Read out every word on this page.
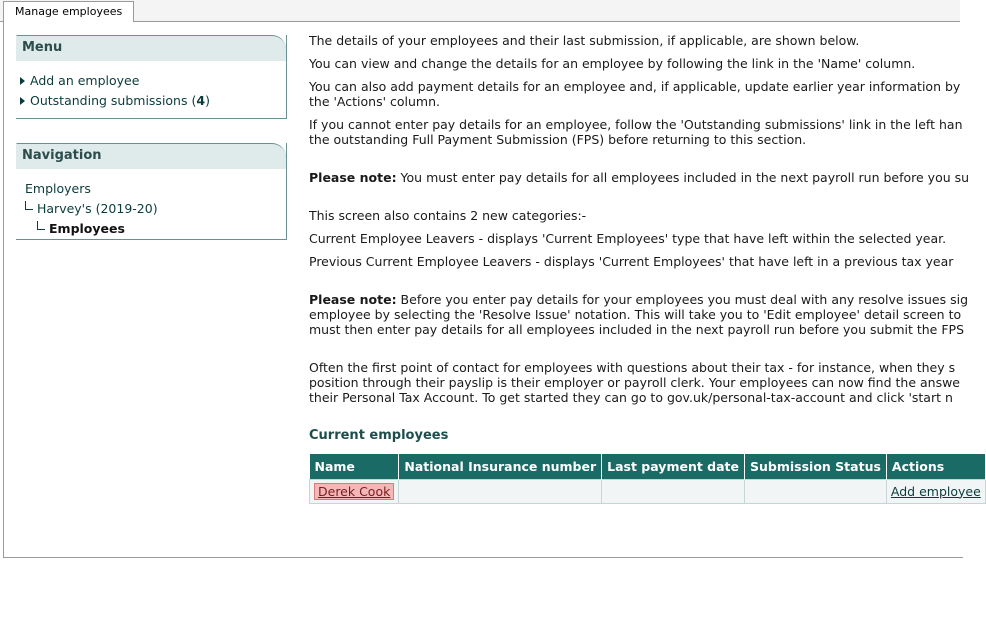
Manage employees
Menu
Add an employee
Outstanding submissions (4)
Navigation
Employers
Harvey's (2019-20)
Employees

The details of your employees and their last submission, if applicable, are shown below.

You can view and change the details for an employee by following the link in the 'Name' column.

You can also add payment details for an employee and, if applicable, update earlier year information by
the 'Actions' column.

If you cannot enter pay details for an employee, follow the 'Outstanding submissions' link in the left han
the outstanding Full Payment Submission (FPS) before returning to this section.

Please note: You must enter pay details for all employees included in the next payroll run before you su

This screen also contains 2 new categories:-

Current Employee Leavers - displays 'Current Employees' type that have left within the selected year.

Previous Current Employee Leavers - displays 'Current Employees' that have left in a previous tax year

Please note: Before you enter pay details for your employees you must deal with any resolve issues sig
employee by selecting the 'Resolve Issue' notation. This will take you to 'Edit employee' detail screen to
must then enter pay details for all employees included in the next payroll run before you submit the FPS

Often the first point of contact for employees with questions about their tax - for instance, when they s
position through their payslip is their employer or payroll clerk. Your employees can now find the answe
their Personal Tax Account. To get started they can go to gov.uk/personal-tax-account and click 'start n

Current employees
Name	National Insurance number	Last payment date	Submission Status	Actions
Derek Cook				Add employee
